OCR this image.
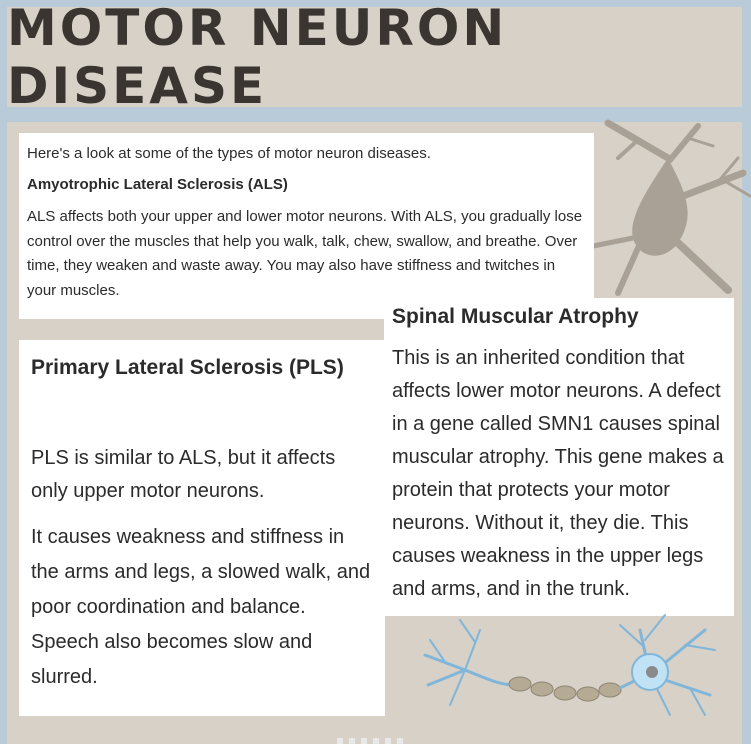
MOTOR NEURON DISEASE

Here's a look at some of the types of motor neuron diseases.

Amyotrophic Lateral Sclerosis (ALS)

ALS affects both your upper and lower motor neurons. With ALS, you gradually lose control over the muscles that help you walk, talk, chew, swallow, and breathe. Over time, they weaken and waste away. You may also have stiffness and twitches in your muscles.

Spinal Muscular Atrophy

This is an inherited condition that affects lower motor neurons. A defect in a gene called SMN1 causes spinal muscular atrophy. This gene makes a protein that protects your motor neurons. Without it, they die. This causes weakness in the upper legs and arms, and in the trunk.

Primary Lateral Sclerosis (PLS)

PLS is similar to ALS, but it affects only upper motor neurons.

It causes weakness and stiffness in the arms and legs, a slowed walk, and poor coordination and balance. Speech also becomes slow and slurred.
